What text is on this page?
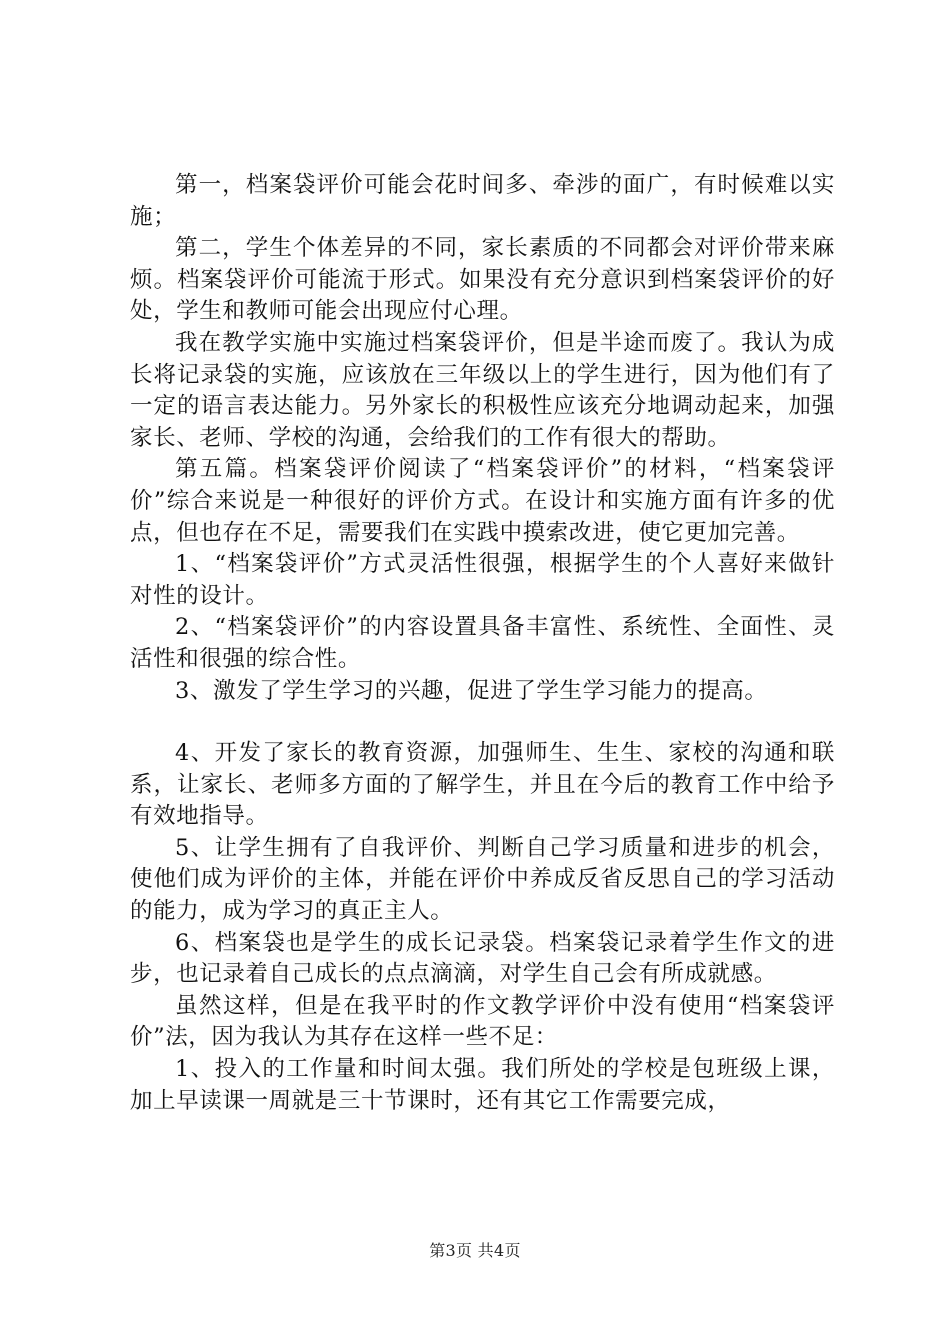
第一，档案袋评价可能会花时间多、牵涉的面广，有时候难以实施；

第二，学生个体差异的不同，家长素质的不同都会对评价带来麻烦。档案袋评价可能流于形式。如果没有充分意识到档案袋评价的好处，学生和教师可能会出现应付心理。

我在教学实施中实施过档案袋评价，但是半途而废了。我认为成长将记录袋的实施，应该放在三年级以上的学生进行，因为他们有了一定的语言表达能力。另外家长的积极性应该充分地调动起来，加强家长、老师、学校的沟通，会给我们的工作有很大的帮助。

第五篇。档案袋评价阅读了“档案袋评价”的材料，“档案袋评价”综合来说是一种很好的评价方式。在设计和实施方面有许多的优点，但也存在不足，需要我们在实践中摸索改进，使它更加完善。

1、“档案袋评价”方式灵活性很强，根据学生的个人喜好来做针对性的设计。

2、“档案袋评价”的内容设置具备丰富性、系统性、全面性、灵活性和很强的综合性。

3、激发了学生学习的兴趣，促进了学生学习能力的提高。

4、开发了家长的教育资源，加强师生、生生、家校的沟通和联系，让家长、老师多方面的了解学生，并且在今后的教育工作中给予有效地指导。

5、让学生拥有了自我评价、判断自己学习质量和进步的机会，使他们成为评价的主体，并能在评价中养成反省反思自己的学习活动的能力，成为学习的真正主人。

6、档案袋也是学生的成长记录袋。档案袋记录着学生作文的进步，也记录着自己成长的点点滴滴，对学生自己会有所成就感。

虽然这样，但是在我平时的作文教学评价中没有使用“档案袋评价”法，因为我认为其存在这样一些不足：

1、投入的工作量和时间太强。我们所处的学校是包班级上课，加上早读课一周就是三十节课时，还有其它工作需要完成，

第3页 共4页
